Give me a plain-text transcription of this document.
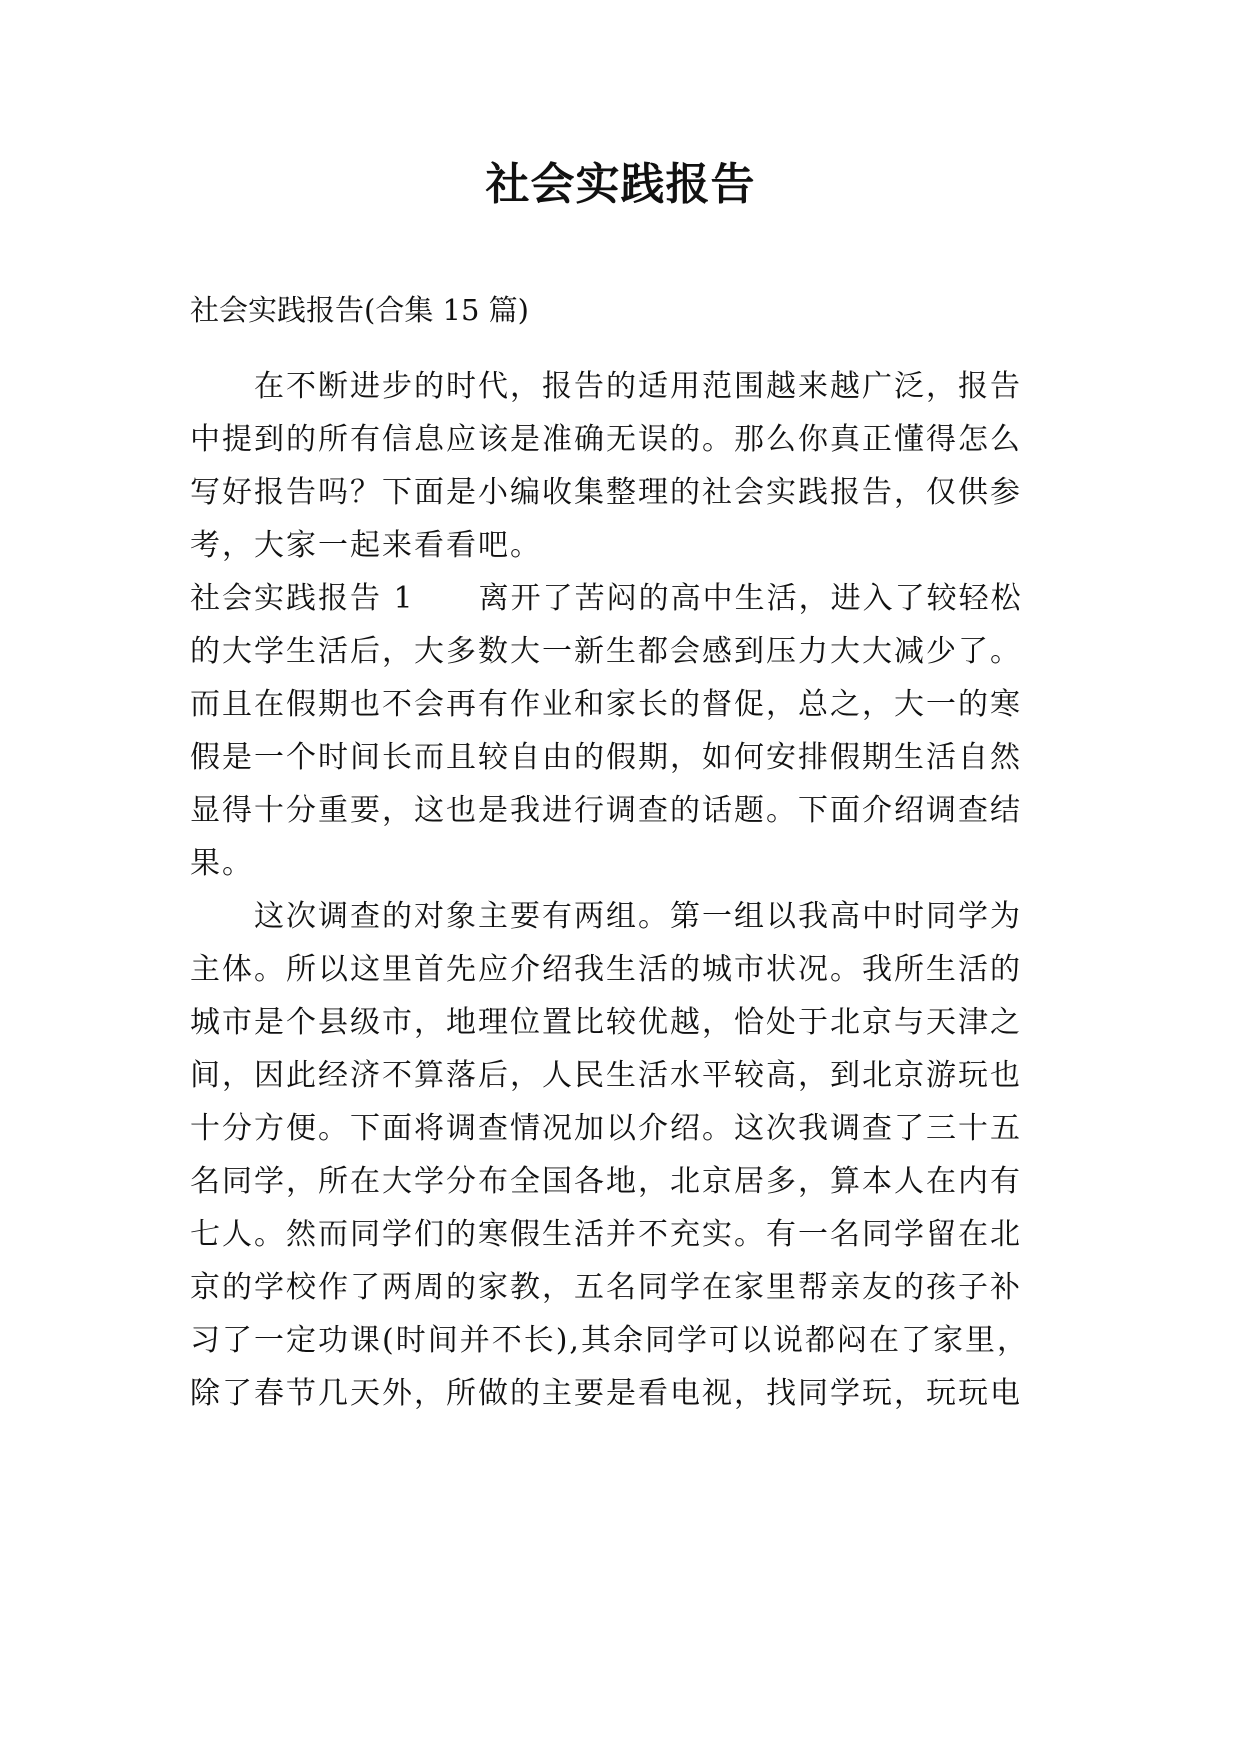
社会实践报告

社会实践报告(合集 15 篇)

　　在不断进步的时代，报告的适用范围越来越广泛，报告

中提到的所有信息应该是准确无误的。那么你真正懂得怎么

写好报告吗？下面是小编收集整理的社会实践报告，仅供参

考，大家一起来看看吧。

社会实践报告 1　　离开了苦闷的高中生活，进入了较轻松

的大学生活后，大多数大一新生都会感到压力大大减少了。

而且在假期也不会再有作业和家长的督促，总之，大一的寒

假是一个时间长而且较自由的假期，如何安排假期生活自然

显得十分重要，这也是我进行调查的话题。下面介绍调查结

果。

　　这次调查的对象主要有两组。第一组以我高中时同学为

主体。所以这里首先应介绍我生活的城市状况。我所生活的

城市是个县级市，地理位置比较优越，恰处于北京与天津之

间，因此经济不算落后，人民生活水平较高，到北京游玩也

十分方便。下面将调查情况加以介绍。这次我调查了三十五

名同学，所在大学分布全国各地，北京居多，算本人在内有

七人。然而同学们的寒假生活并不充实。有一名同学留在北

京的学校作了两周的家教，五名同学在家里帮亲友的孩子补

习了一定功课(时间并不长),其余同学可以说都闷在了家里，

除了春节几天外，所做的主要是看电视，找同学玩，玩玩电
